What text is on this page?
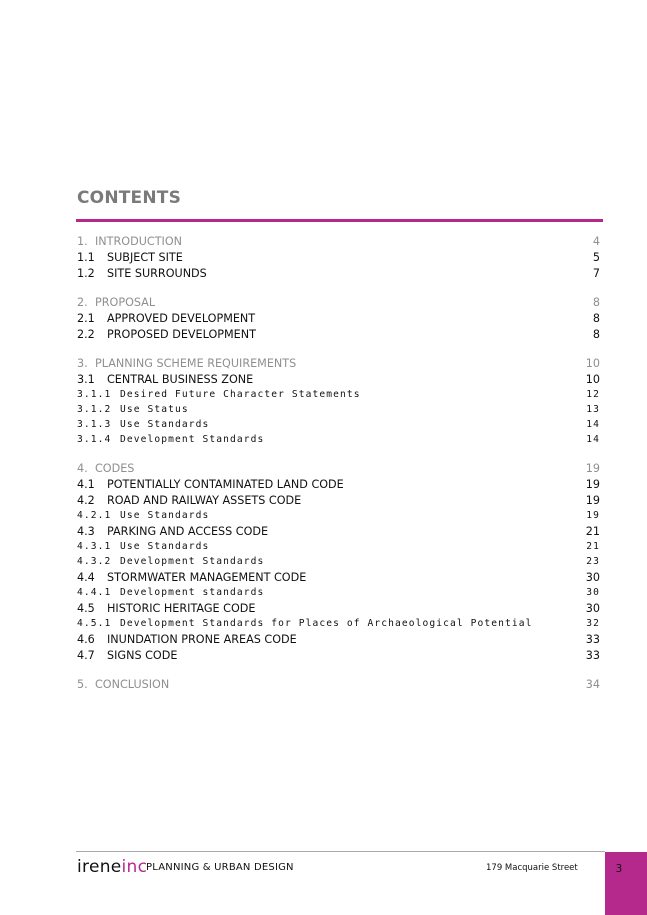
CONTENTS
1. INTRODUCTION	4
1.1	SUBJECT SITE	5
1.2	SITE SURROUNDS	7
2. PROPOSAL	8
2.1	APPROVED DEVELOPMENT	8
2.2	PROPOSED DEVELOPMENT	8
3. PLANNING SCHEME REQUIREMENTS	10
3.1	CENTRAL BUSINESS ZONE	10
3.1.1 Desired Future Character Statements	12
3.1.2 Use Status	13
3.1.3 Use Standards	14
3.1.4 Development Standards	14
4. CODES	19
4.1	POTENTIALLY CONTAMINATED LAND CODE	19
4.2	ROAD AND RAILWAY ASSETS CODE	19
4.2.1 Use Standards	19
4.3	PARKING AND ACCESS CODE	21
4.3.1 Use Standards	21
4.3.2 Development Standards	23
4.4	STORMWATER MANAGEMENT CODE	30
4.4.1 Development standards	30
4.5	HISTORIC HERITAGE CODE	30
4.5.1 Development Standards for Places of Archaeological Potential	32
4.6	INUNDATION PRONE AREAS CODE	33
4.7	SIGNS CODE	33
5. CONCLUSION	34
ireneinc
PLANNING & URBAN DESIGN	179 Macquarie Street	3
